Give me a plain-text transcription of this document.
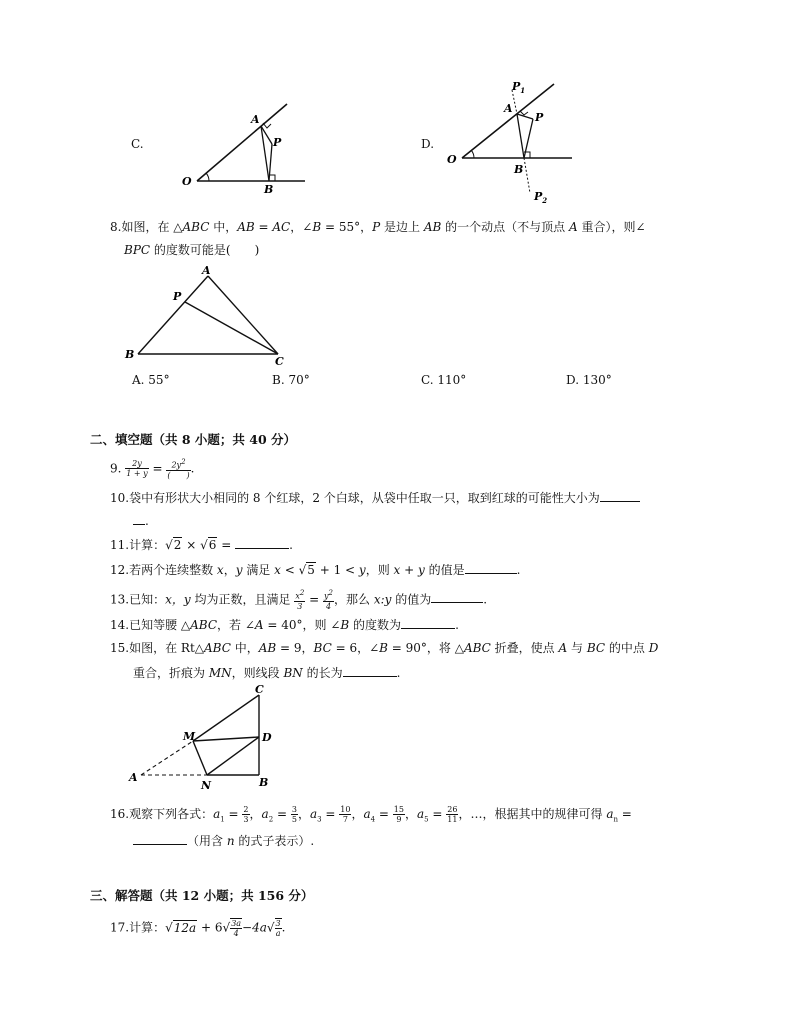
C.
A
P
O
B
D.
$P_1$
A
P
O
B
$P_2$
8.如图，在 △ABC 中，AB = AC，∠B = 55°，P 是边上 AB 的一个动点（不与顶点 A 重合），则∠
BPC 的度数可能是(　　)
A
P
B
C
A. 55°	B. 70°	C. 110°	D. 130°
二、填空题（共 8 小题；共 40 分）
9. $\frac{2y}{1 + y} = \frac{2y2}{( )}$ .
10.袋中有形状大小相同的 8 个红球，2 个白球，从袋中任取一只，取到红球的可能性大小为
.
11.计算：√2 × √6 =	.
12.若两个连续整数 x，y 满足 x < √5 + 1 < y，则 x + y 的值是	.
13.已知：x，y 均为正数，且满足 $\frac{x2}{3} = \frac{y2}{4}$ ，那么 x:y 的值为	.
14.已知等腰 △ABC，若 ∠A = 40°，则 ∠B 的度数为	.
15.如图，在 Rt△ABC 中，AB = 9，BC = 6，∠B = 90°，将 △ABC 折叠，使点 A 与 BC 的中点 D
重合，折痕为 MN，则线段 BN 的长为	.
C
M	D
A
N	B
16.观察下列各式：$a_1 = \frac{2}{3}$ ，$a_2 = \frac{3}{5}$ ，$a_3 = \frac{10}{7}$ ，$a_4 = \frac{15}{9}$ ，$a_5 = \frac{26}{11}$ ，…，根据其中的规律可得 $a_n$ =
（用含 n 的式子表示）.
三、解答题（共 12 小题；共 156 分）
17.计算：$√12a + 6√ \frac{3a}{4} -4a√ \frac{3}{a}$ .
